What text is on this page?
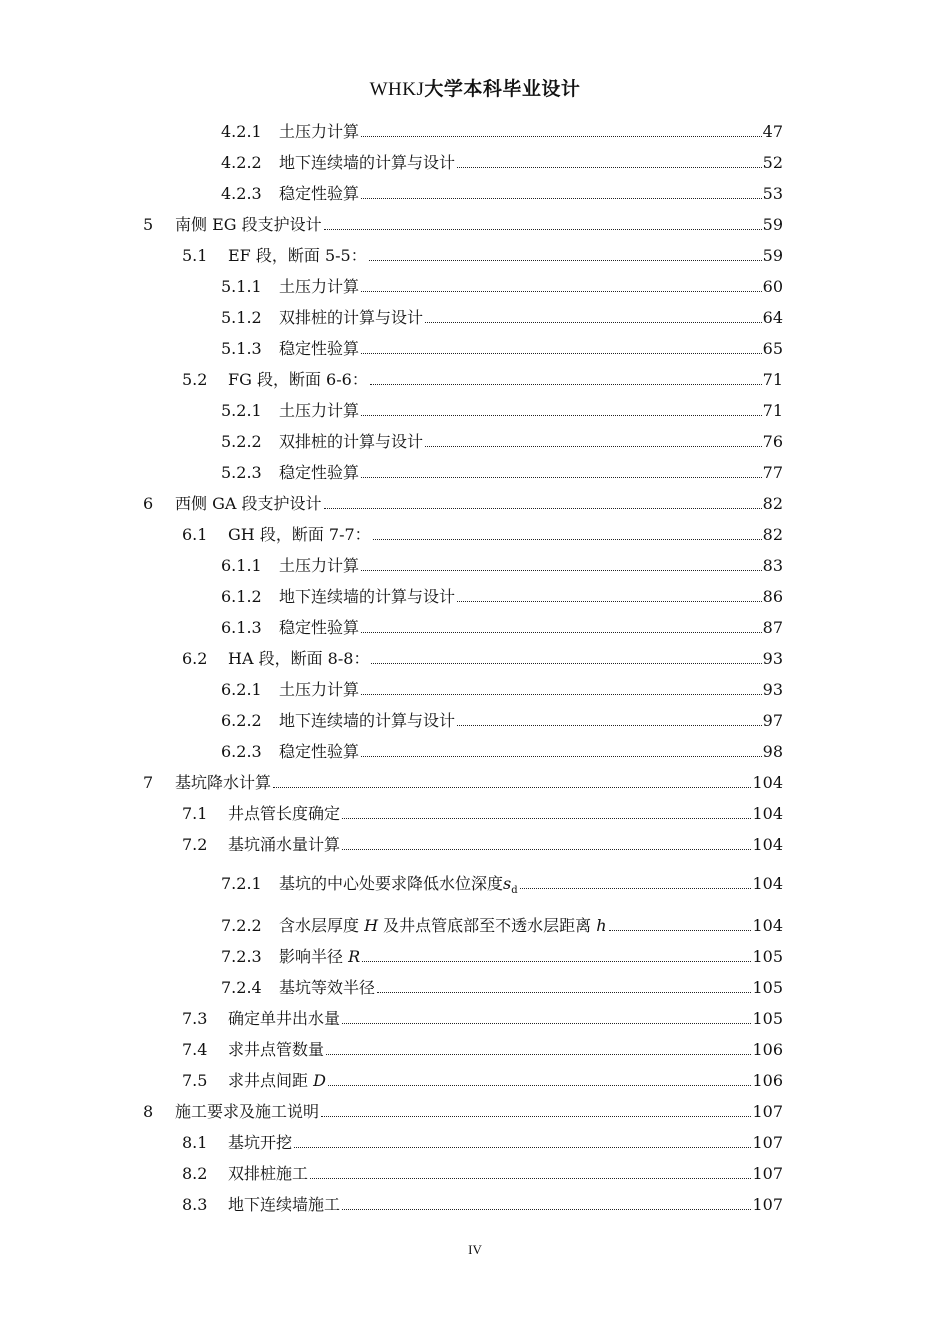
WHKJ大学本科毕业设计
4.2.1	土压力计算	47
4.2.2	地下连续墙的计算与设计	52
4.2.3	稳定性验算	53
5	南侧 EG 段支护设计	59
5.1	EF 段，断面 5-5：	59
5.1.1	土压力计算	60
5.1.2	双排桩的计算与设计	64
5.1.3	稳定性验算	65
5.2	FG 段，断面 6-6：	71
5.2.1	土压力计算	71
5.2.2	双排桩的计算与设计	76
5.2.3	稳定性验算	77
6	西侧 GA 段支护设计	82
6.1	GH 段，断面 7-7：	82
6.1.1	土压力计算	83
6.1.2	地下连续墙的计算与设计	86
6.1.3	稳定性验算	87
6.2	HA 段，断面 8-8：	93
6.2.1	土压力计算	93
6.2.2	地下连续墙的计算与设计	97
6.2.3	稳定性验算	98
7	基坑降水计算	104
7.1	井点管长度确定	104
7.2	基坑涌水量计算	104
7.2.1	基坑的中心处要求降低水位深度$s_d$	104
7.2.2	含水层厚度 H 及井点管底部至不透水层距离 h	104
7.2.3	影响半径 R	105
7.2.4	基坑等效半径	105
7.3	确定单井出水量	105
7.4	求井点管数量	106
7.5	求井点间距 D	106
8	施工要求及施工说明	107
8.1	基坑开挖	107
8.2	双排桩施工	107
8.3	地下连续墙施工	107
IV
